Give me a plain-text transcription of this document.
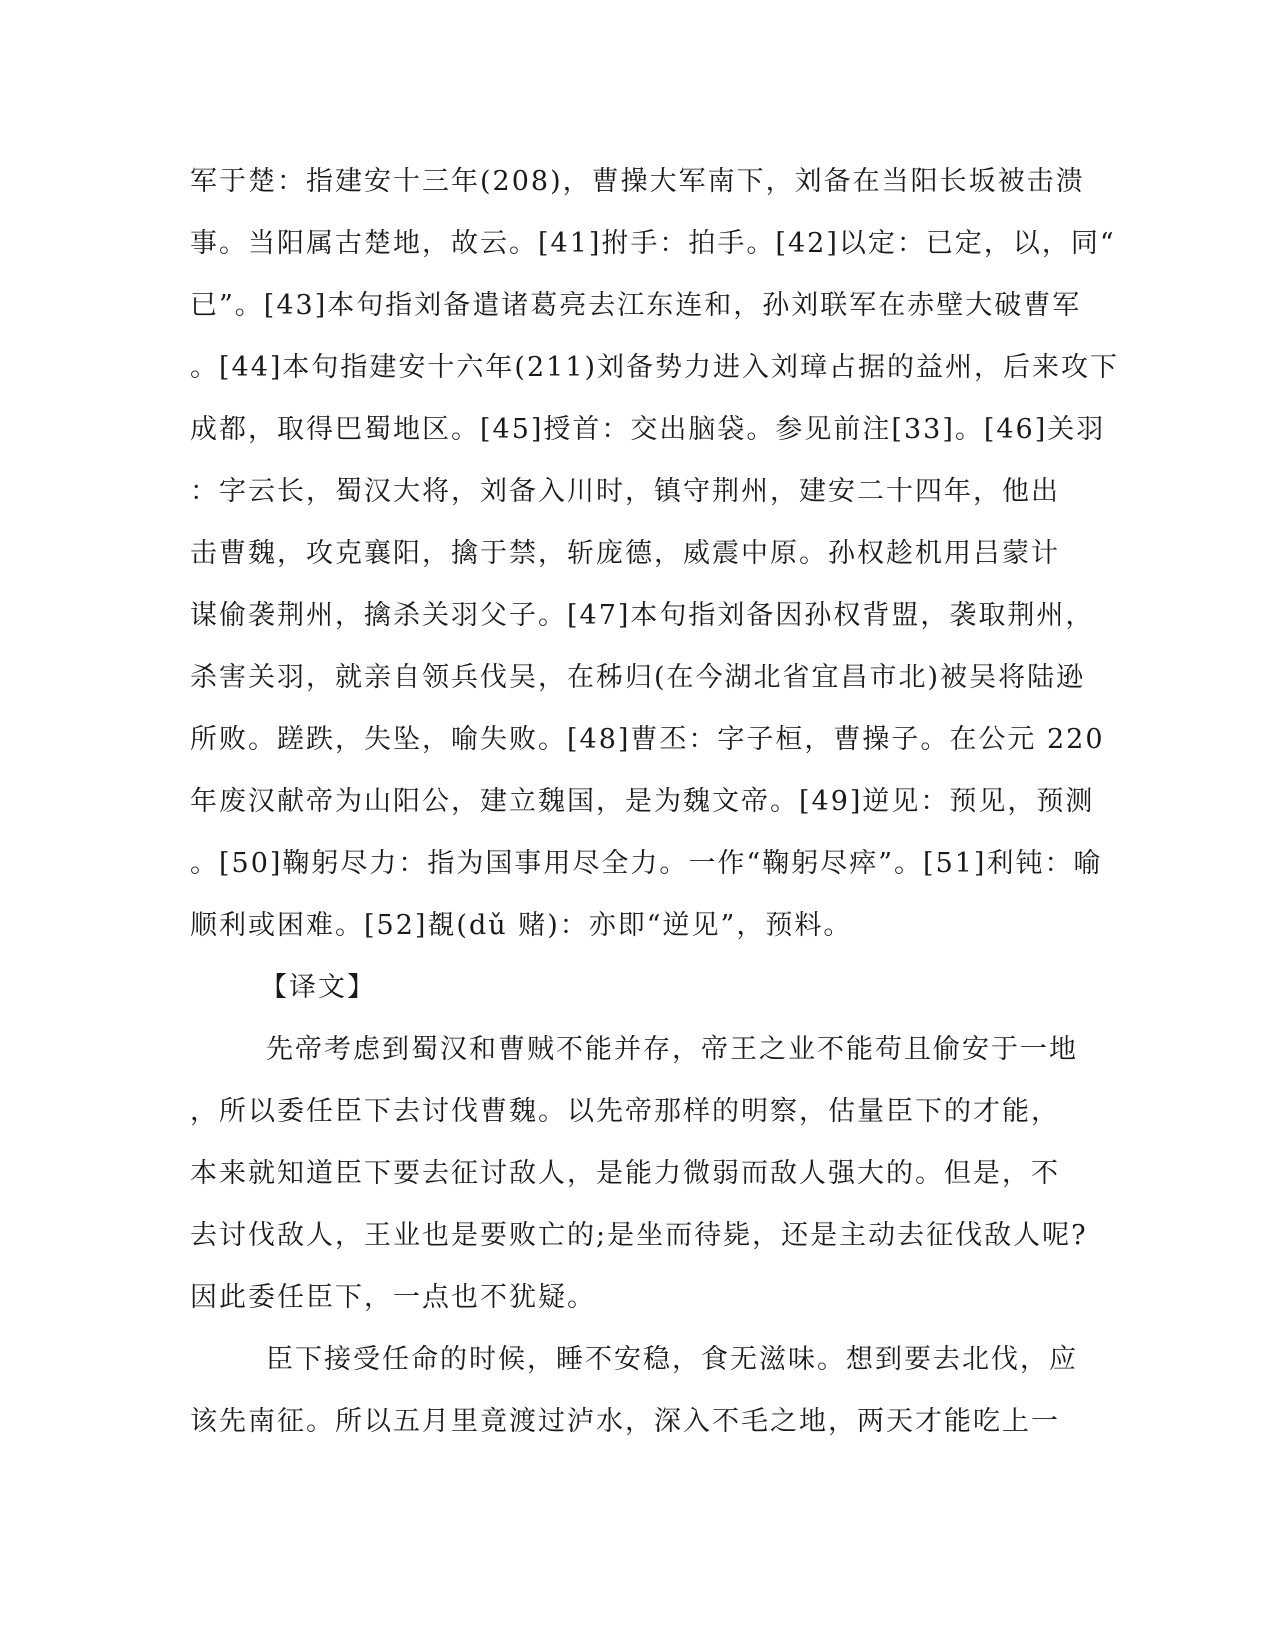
军于楚：指建安十三年(208)，曹操大军南下，刘备在当阳长坂被击溃
事。当阳属古楚地，故云。[41]拊手：拍手。[42]以定：已定，以，同“
已”。[43]本句指刘备遣诸葛亮去江东连和，孙刘联军在赤壁大破曹军
。[44]本句指建安十六年(211)刘备势力进入刘璋占据的益州，后来攻下
成都，取得巴蜀地区。[45]授首：交出脑袋。参见前注[33]。[46]关羽
：字云长，蜀汉大将，刘备入川时，镇守荆州，建安二十四年，他出
击曹魏，攻克襄阳，擒于禁，斩庞德，威震中原。孙权趁机用吕蒙计
谋偷袭荆州，擒杀关羽父子。[47]本句指刘备因孙权背盟，袭取荆州，
杀害关羽，就亲自领兵伐吴，在秭归(在今湖北省宜昌市北)被吴将陆逊
所败。蹉跌，失坠，喻失败。[48]曹丕：字子桓，曹操子。在公元 220
年废汉献帝为山阳公，建立魏国，是为魏文帝。[49]逆见：预见，预测
。[50]鞠躬尽力：指为国事用尽全力。一作“鞠躬尽瘁”。[51]利钝：喻
顺利或困难。[52]覩(dǔ 赌)：亦即“逆见”，预料。
【译文】
先帝考虑到蜀汉和曹贼不能并存，帝王之业不能苟且偷安于一地
，所以委任臣下去讨伐曹魏。以先帝那样的明察，估量臣下的才能，
本来就知道臣下要去征讨敌人，是能力微弱而敌人强大的。但是，不
去讨伐敌人，王业也是要败亡的;是坐而待毙，还是主动去征伐敌人呢?
因此委任臣下，一点也不犹疑。
臣下接受任命的时候，睡不安稳，食无滋味。想到要去北伐，应
该先南征。所以五月里竟渡过泸水，深入不毛之地，两天才能吃上一
